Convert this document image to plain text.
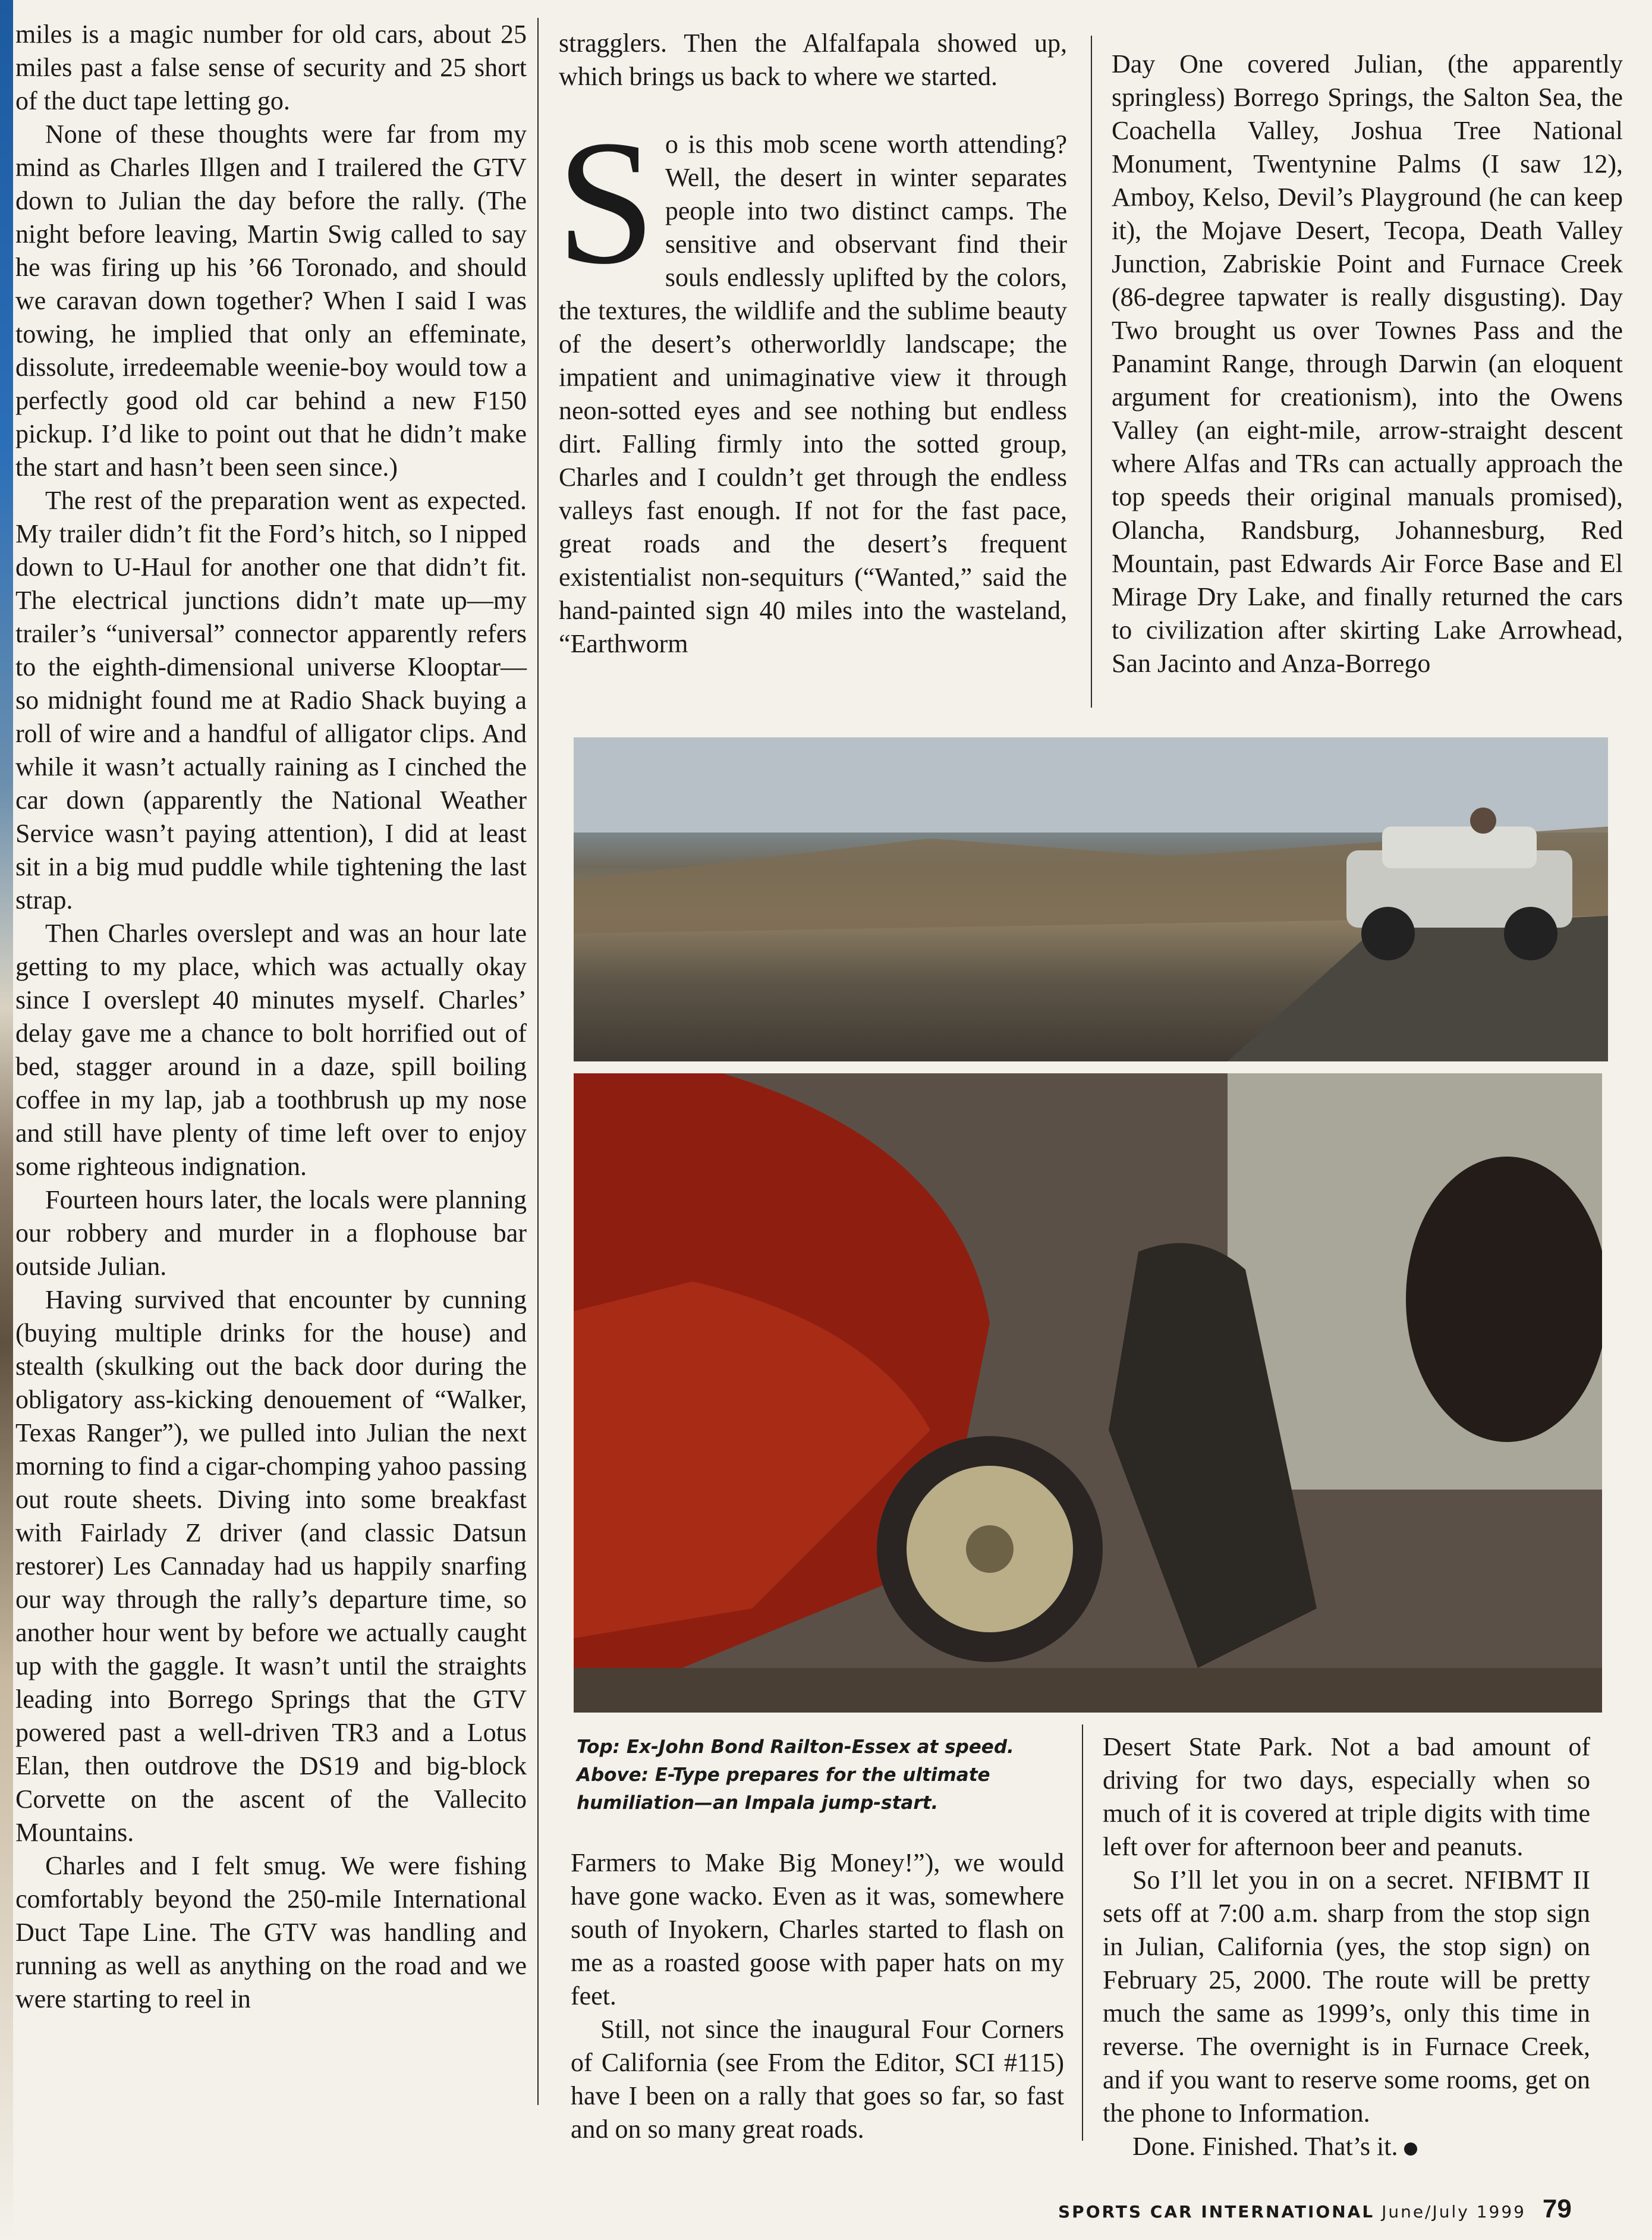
miles is a magic number for old cars, about 25 miles past a false sense of security and 25 short of the duct tape letting go.

None of these thoughts were far from my mind as Charles Illgen and I trailered the GTV down to Julian the day before the rally. (The night before leaving, Martin Swig called to say he was firing up his ’66 Toronado, and should we caravan down together? When I said I was towing, he implied that only an effeminate, dissolute, irredeemable weenie-boy would tow a perfectly good old car behind a new F150 pickup. I’d like to point out that he didn’t make the start and hasn’t been seen since.)

The rest of the preparation went as expected. My trailer didn’t fit the Ford’s hitch, so I nipped down to U-Haul for another one that didn’t fit. The electrical junctions didn’t mate up—my trailer’s “universal” connector apparently refers to the eighth-dimensional universe Klooptar—so midnight found me at Radio Shack buying a roll of wire and a handful of alligator clips. And while it wasn’t actually raining as I cinched the car down (apparently the National Weather Service wasn’t paying attention), I did at least sit in a big mud puddle while tightening the last strap.

Then Charles overslept and was an hour late getting to my place, which was actually okay since I overslept 40 minutes myself. Charles’ delay gave me a chance to bolt horrified out of bed, stagger around in a daze, spill boiling coffee in my lap, jab a toothbrush up my nose and still have plenty of time left over to enjoy some righteous indignation.

Fourteen hours later, the locals were planning our robbery and murder in a flophouse bar outside Julian.

Having survived that encounter by cunning (buying multiple drinks for the house) and stealth (skulking out the back door during the obligatory ass-kicking denouement of “Walker, Texas Ranger”), we pulled into Julian the next morning to find a cigar-chomping yahoo passing out route sheets. Diving into some breakfast with Fairlady Z driver (and classic Datsun restorer) Les Cannaday had us happily snarfing our way through the rally’s departure time, so another hour went by before we actually caught up with the gaggle. It wasn’t until the straights leading into Borrego Springs that the GTV powered past a well-driven TR3 and a Lotus Elan, then outdrove the DS19 and big-block Corvette on the ascent of the Vallecito Mountains.

Charles and I felt smug. We were fishing comfortably beyond the 250-mile International Duct Tape Line. The GTV was handling and running as well as anything on the road and we were starting to reel in

stragglers. Then the Alfalfapala showed up, which brings us back to where we started.

S o is this mob scene worth attending? Well, the desert in winter separates people into two distinct camps. The sensitive and observant find their souls endlessly uplifted by the colors, the textures, the wildlife and the sublime beauty of the desert’s otherworldly landscape; the impatient and unimaginative view it through neon-sotted eyes and see nothing but endless dirt. Falling firmly into the sotted group, Charles and I couldn’t get through the endless valleys fast enough. If not for the fast pace, great roads and the desert’s frequent existentialist non-sequiturs (“Wanted,” said the hand-painted sign 40 miles into the wasteland, “Earthworm

Day One covered Julian, (the apparently springless) Borrego Springs, the Salton Sea, the Coachella Valley, Joshua Tree National Monument, Twentynine Palms (I saw 12), Amboy, Kelso, Devil’s Playground (he can keep it), the Mojave Desert, Tecopa, Death Valley Junction, Zabriskie Point and Furnace Creek (86-degree tapwater is really disgusting). Day Two brought us over Townes Pass and the Panamint Range, through Darwin (an eloquent argument for creationism), into the Owens Valley (an eight-mile, arrow-straight descent where Alfas and TRs can actually approach the top speeds their original manuals promised), Olancha, Randsburg, Johannesburg, Red Mountain, past Edwards Air Force Base and El Mirage Dry Lake, and finally returned the cars to civilization after skirting Lake Arrowhead, San Jacinto and Anza-Borrego

Top: Ex-John Bond Railton-Essex at speed. Above: E-Type prepares for the ultimate humiliation—an Impala jump-start.

Farmers to Make Big Money!”), we would have gone wacko. Even as it was, somewhere south of Inyokern, Charles started to flash on me as a roasted goose with paper hats on my feet.

Still, not since the inaugural Four Corners of California (see From the Editor, SCI #115) have I been on a rally that goes so far, so fast and on so many great roads.

Desert State Park. Not a bad amount of driving for two days, especially when so much of it is covered at triple digits with time left over for afternoon beer and peanuts.

So I’ll let you in on a secret. NFIBMT II sets off at 7:00 a.m. sharp from the stop sign in Julian, California (yes, the stop sign) on February 25, 2000. The route will be pretty much the same as 1999’s, only this time in reverse. The overnight is in Furnace Creek, and if you want to reserve some rooms, get on the phone to Information.

Done. Finished. That’s it.

SPORTS CAR INTERNATIONAL June/July 1999 79
